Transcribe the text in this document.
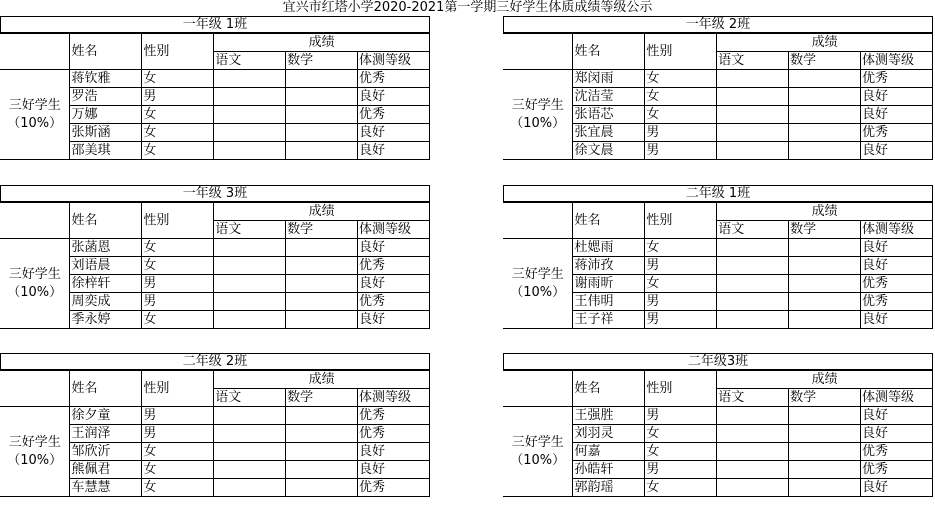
宜兴市红塔小学2020-2021第一学期三好学生体质成绩等级公示
一年级 1班
	姓名	性别	成绩		
			语文	数学	体测等级

三好学生
（10%）	蒋钦雅	女			优秀
	罗浩	男			良好
	万娜	女			优秀
	张斯涵	女			良好
	邵美琪	女			良好
一年级 2班
	姓名	性别	成绩		
			语文	数学	体测等级

三好学生
（10%）	郑闵雨	女			优秀
	沈洁莹	女			良好
	张语芯	女			良好
	张宜晨	男			优秀
	徐文晨	男			良好
一年级 3班
	姓名	性别	成绩		
			语文	数学	体测等级

三好学生
（10%）	张菡恩	女			良好
	刘语晨	女			优秀
	徐梓轩	男			良好
	周奕成	男			优秀
	季永婷	女			良好
二年级 1班
	姓名	性别	成绩		
			语文	数学	体测等级

三好学生
（10%）	杜媤雨	女			良好
	蒋沛孜	男			良好
	谢雨昕	女			优秀
	王伟明	男			优秀
	王子祥	男			良好
二年级 2班
	姓名	性别	成绩		
			语文	数学	体测等级

三好学生
（10%）	徐夕童	男			优秀
	王润泽	男			优秀
	邹欣沂	女			良好
	熊佩君	女			良好
	车慧慧	女			优秀
二年级3班
	姓名	性别	成绩		
			语文	数学	体测等级

三好学生
（10%）	王强胜	男			良好
	刘羽灵	女			良好
	何嘉	女			优秀
	孙皓轩	男			优秀
	郭韵瑶	女			良好
